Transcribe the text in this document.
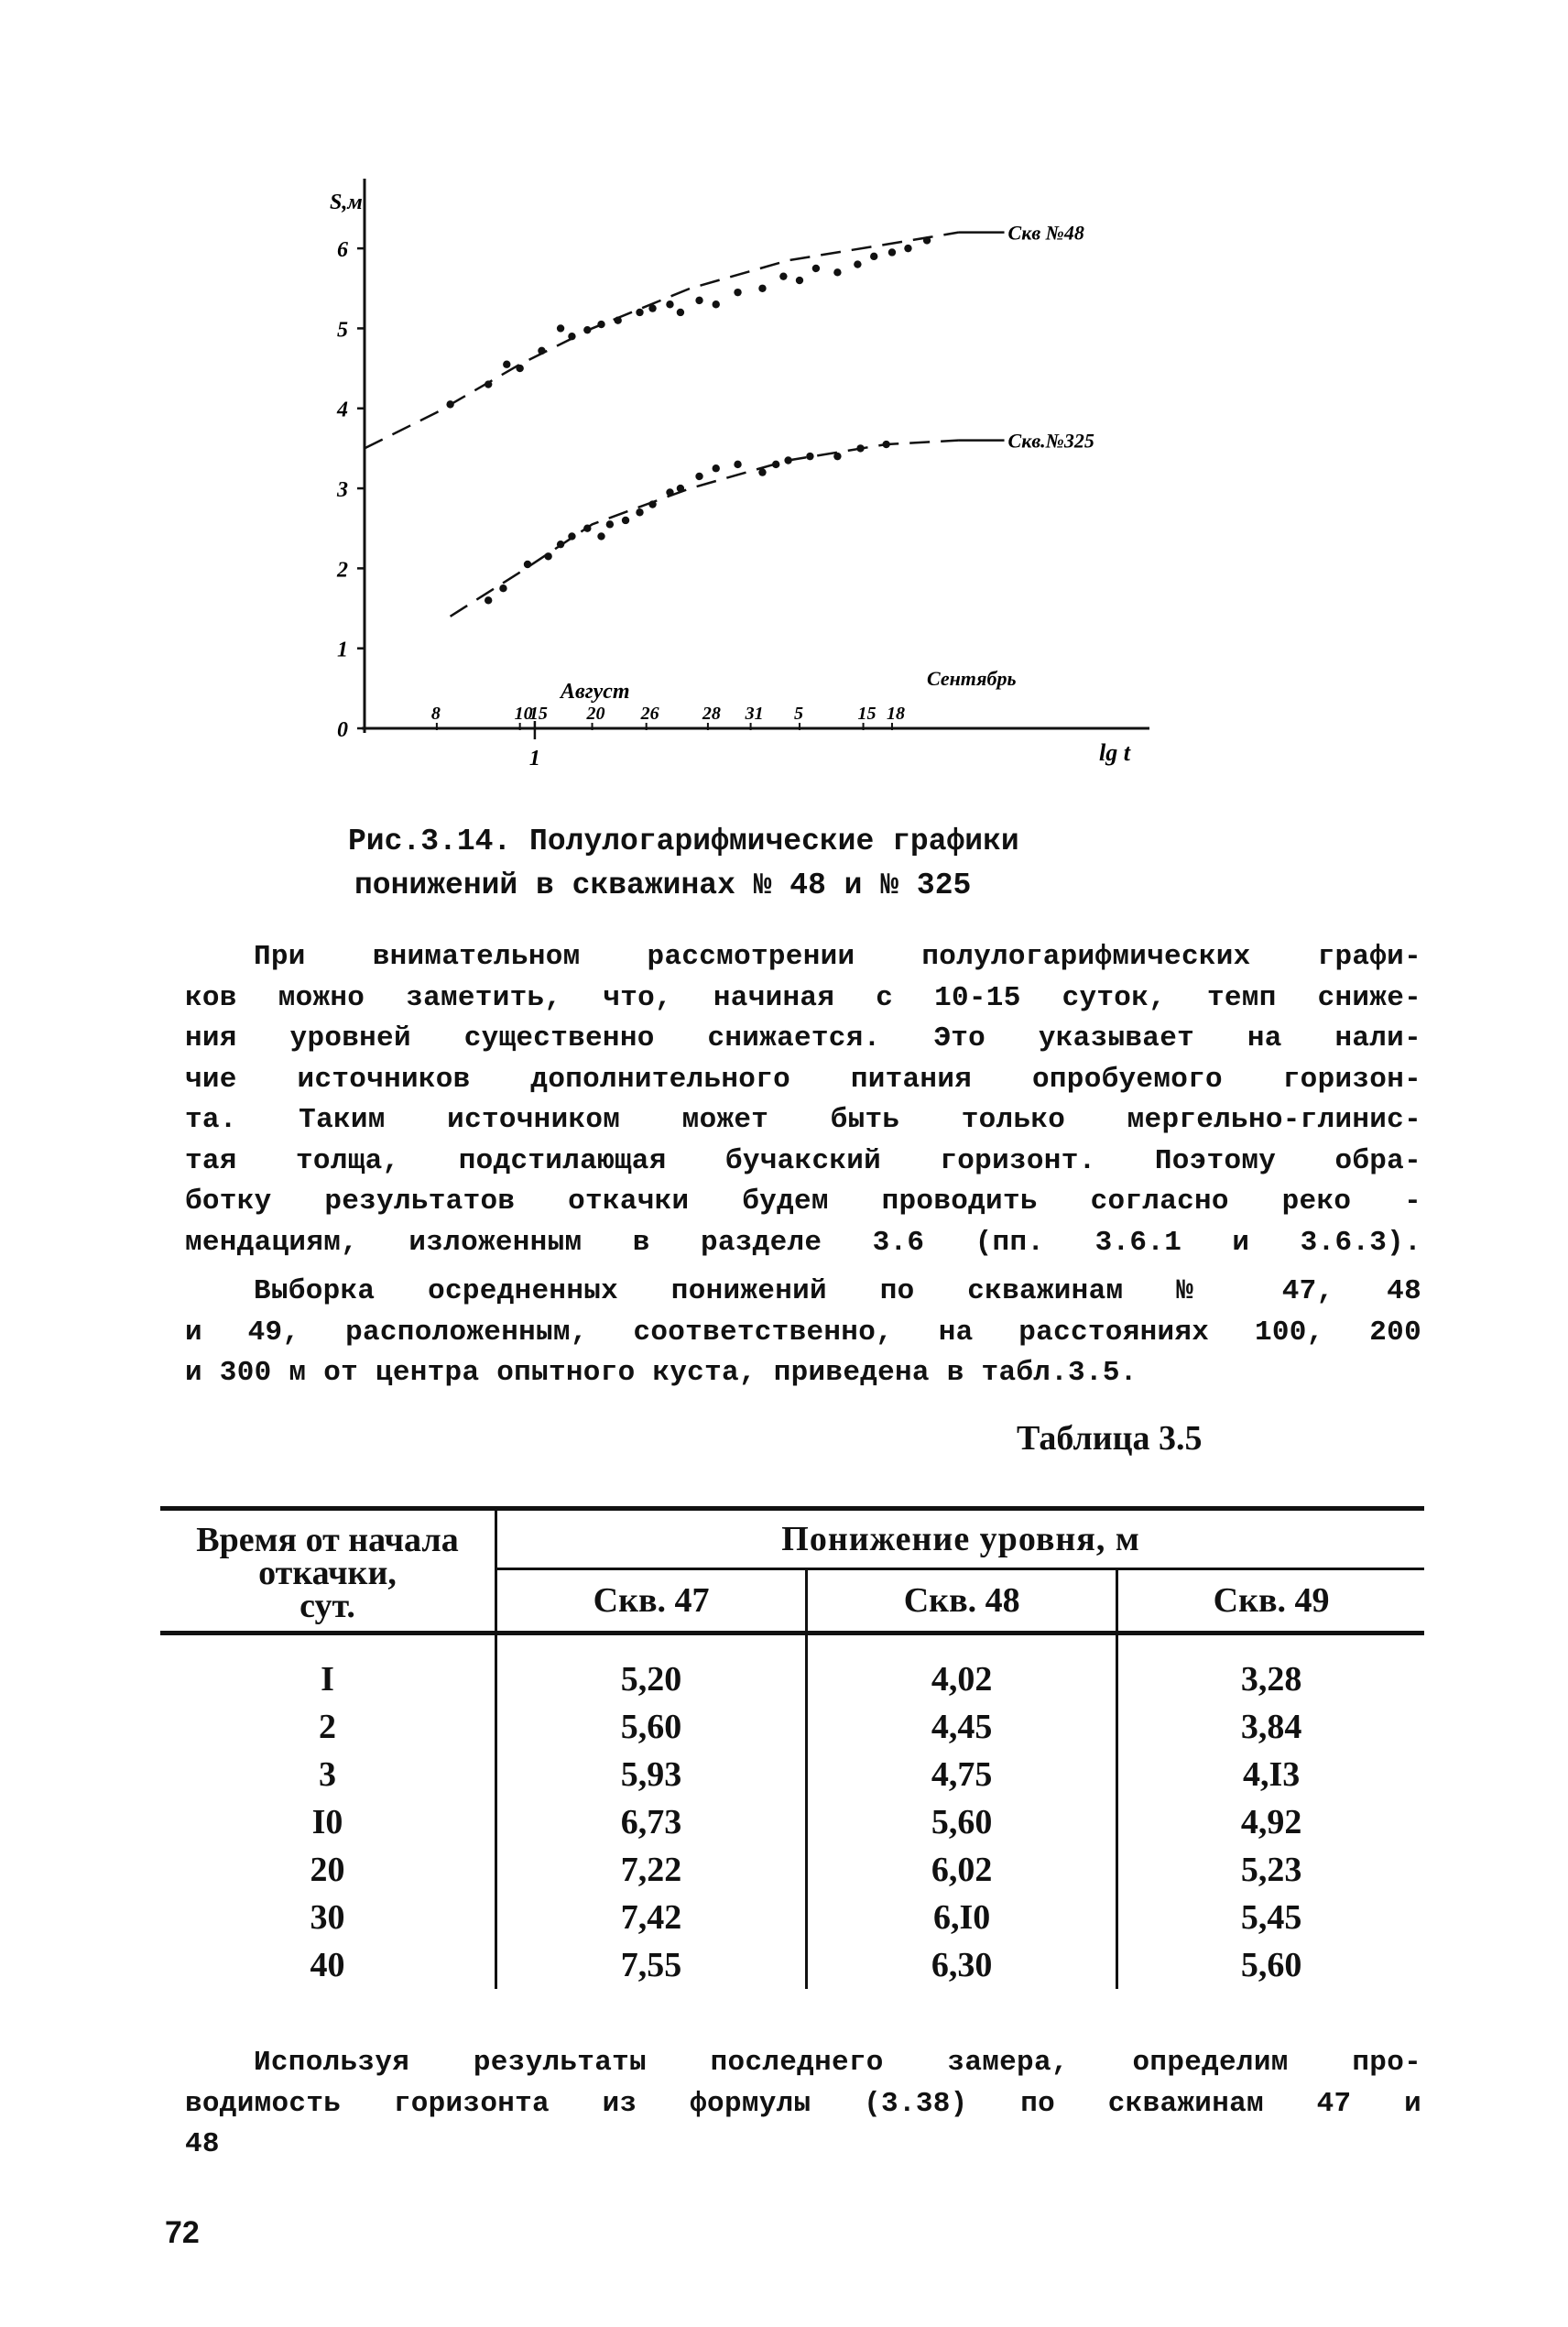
Скв №48
Скв.№325
S,м
lg t
0
1
2
3
4
5
6
1
8	10
15 20 26 28 31 5	15 18
Август
Сентябрь
Рис.3.14. Полулогарифмические графики
понижений в скважинах № 48 и № 325
При внимательном рассмотрении полулогарифмических графи-
ков можно заметить, что, начиная с 10-15 суток, темп сниже-
ния уровней существенно снижается. Это указывает на нали-
чие источников дополнительного питания опробуемого горизон-
та. Таким источником может быть только мергельно-глинис-
тая толща, подстилающая бучакский горизонт. Поэтому обра-
ботку результатов откачки будем проводить согласно реко -
мендациям, изложенным в разделе 3.6 (пп. 3.6.1 и 3.6.3).
Выборка осредненных понижений по скважинам № 47, 48
и 49, расположенным, соответственно, на расстояниях 100, 200
и 300 м от центра опытного куста, приведена в табл.3.5.
Таблица 3.5
Время от начала
откачки,
сут.	Понижение уровня, м		
	Скв. 47	Скв. 48	Скв. 49
I	5,20	4,02	3,28
2	5,60	4,45	3,84
3	5,93	4,75	4,I3
I0	6,73	5,60	4,92
20	7,22	6,02	5,23
30	7,42	6,I0	5,45
40	7,55	6,30	5,60
Используя результаты последнего замера, определим про-
водимость горизонта из формулы (3.38) по скважинам 47 и
48
72
